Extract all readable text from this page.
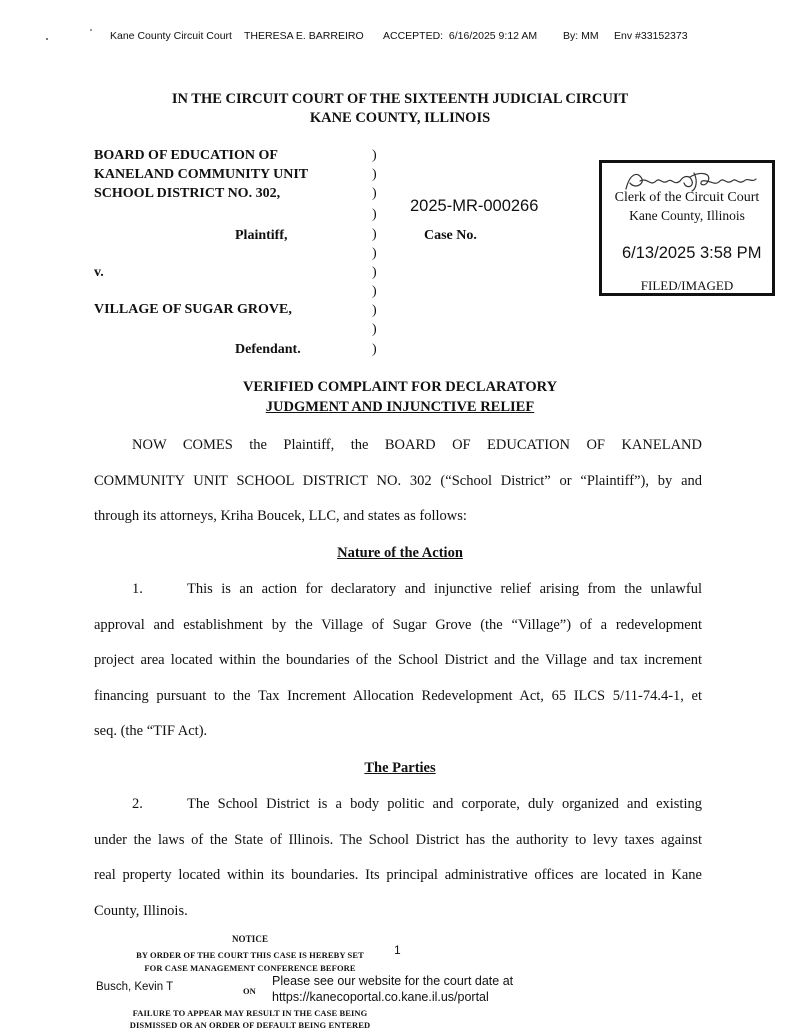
Kane County Circuit Court THERESA E. BARREIRO ACCEPTED:  6/16/2025 9:12 AM By: MM Env #33152373
IN THE CIRCUIT COURT OF THE SIXTEENTH JUDICIAL CIRCUIT
KANE COUNTY, ILLINOIS
BOARD OF EDUCATION OF
KANELAND COMMUNITY UNIT
SCHOOL DISTRICT NO. 302,
Plaintiff,
v.
VILLAGE OF SUGAR GROVE,
Defendant.
)
)
)
)
)
)
)
)
)
)
)
2025-MR-000266
Case No.
Clerk of the Circuit Court
Kane County, Illinois
6/13/2025 3:58 PM
FILED/IMAGED
VERIFIED COMPLAINT FOR DECLARATORY
JUDGMENT AND INJUNCTIVE RELIEF
NOW COMES the Plaintiff, the BOARD OF EDUCATION OF KANELAND
COMMUNITY UNIT SCHOOL DISTRICT NO. 302 (“School District” or “Plaintiff”), by and
through its attorneys, Kriha Boucek, LLC, and states as follows:
Nature of the Action
1.	This is an action for declaratory and injunctive relief arising from the unlawful
approval and establishment by the Village of Sugar Grove (the “Village”) of a redevelopment
project area located within the boundaries of the School District and the Village and tax increment
financing pursuant to the Tax Increment Allocation Redevelopment Act, 65 ILCS 5/11-74.4-1, et
seq. (the “TIF Act).
The Parties
2.	The School District is a body politic and corporate, duly organized and existing
under the laws of the State of Illinois. The School District has the authority to levy taxes against
real property located within its boundaries. Its principal administrative offices are located in Kane
County, Illinois.
1
NOTICE
BY ORDER OF THE COURT THIS CASE IS HEREBY SET
FOR CASE MANAGEMENT CONFERENCE BEFORE
Busch, Kevin T	ON
Please see our website for the court date at
https://kanecoportal.co.kane.il.us/portal
FAILURE TO APPEAR MAY RESULT IN THE CASE BEING
DISMISSED OR AN ORDER OF DEFAULT BEING ENTERED
